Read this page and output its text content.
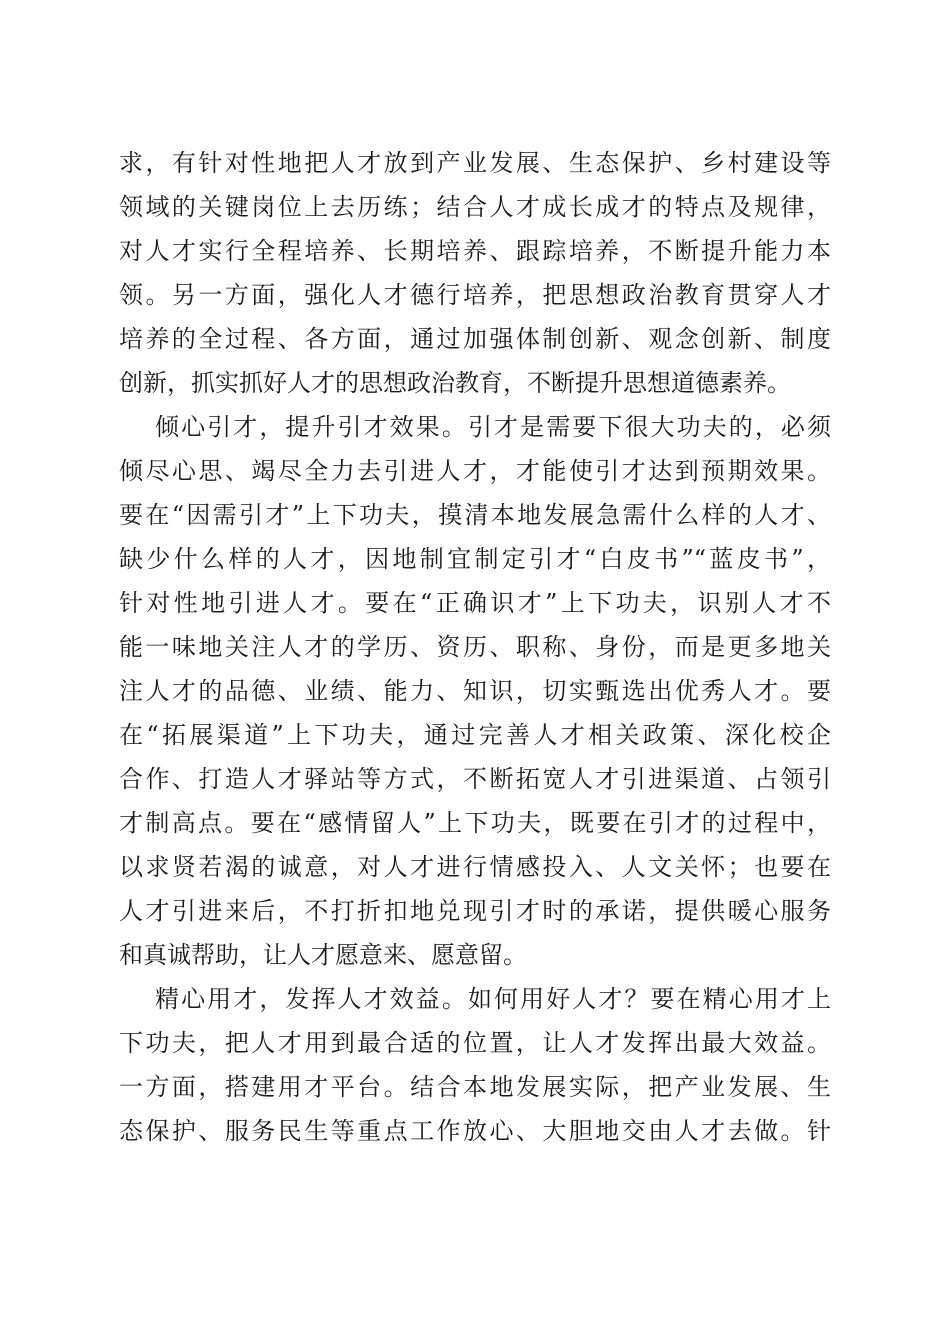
求，有针对性地把人才放到产业发展、生态保护、乡村建设等
领域的关键岗位上去历练；结合人才成长成才的特点及规律，
对人才实行全程培养、长期培养、跟踪培养，不断提升能力本
领。另一方面，强化人才德行培养，把思想政治教育贯穿人才
培养的全过程、各方面，通过加强体制创新、观念创新、制度
创新，抓实抓好人才的思想政治教育，不断提升思想道德素养。
倾心引才，提升引才效果。引才是需要下很大功夫的，必须
倾尽心思、竭尽全力去引进人才，才能使引才达到预期效果。
要在“因需引才”上下功夫，摸清本地发展急需什么样的人才、
缺少什么样的人才，因地制宜制定引才“白皮书”“蓝皮书”，
针对性地引进人才。要在“正确识才”上下功夫，识别人才不
能一味地关注人才的学历、资历、职称、身份，而是更多地关
注人才的品德、业绩、能力、知识，切实甄选出优秀人才。要
在“拓展渠道”上下功夫，通过完善人才相关政策、深化校企
合作、打造人才驿站等方式，不断拓宽人才引进渠道、占领引
才制高点。要在“感情留人”上下功夫，既要在引才的过程中，
以求贤若渴的诚意，对人才进行情感投入、人文关怀；也要在
人才引进来后，不打折扣地兑现引才时的承诺，提供暖心服务
和真诚帮助，让人才愿意来、愿意留。
精心用才，发挥人才效益。如何用好人才？要在精心用才上
下功夫，把人才用到最合适的位置，让人才发挥出最大效益。
一方面，搭建用才平台。结合本地发展实际，把产业发展、生
态保护、服务民生等重点工作放心、大胆地交由人才去做。针
